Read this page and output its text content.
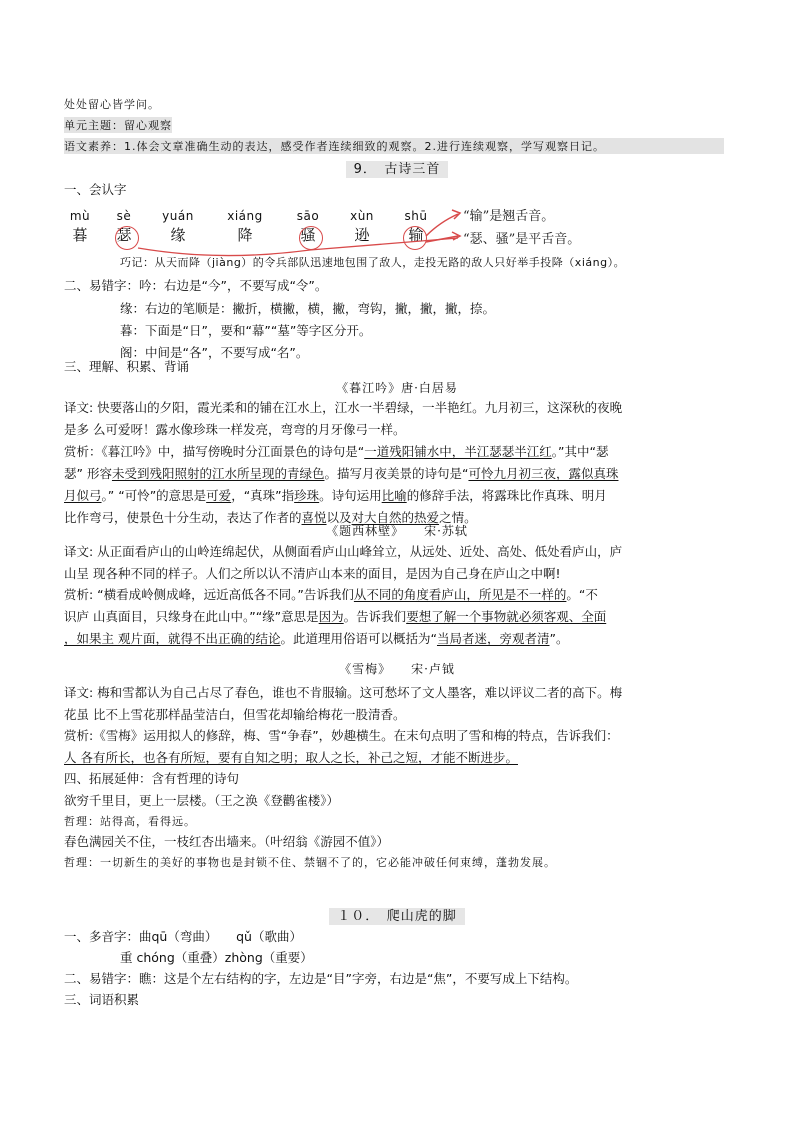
处处留心皆学问。
单元主题：留心观察
语文素养：1.体会文章准确生动的表达，感受作者连续细致的观察。2.进行连续观察，学写观察日记。
9．　古诗三首
一、会认字
mù
暮
sè
瑟
yuán
缘
xiáng
降
sāo
骚
xùn
逊
shū
输
“输”是翘舌音。
“瑟、骚”是平舌音。
巧记：从天而降（jiàng）的令兵部队迅速地包围了敌人，走投无路的敌人只好举手投降（xiáng）。
二、易错字：吟：右边是“今”，不要写成“令”。
缘：右边的笔顺是：撇折，横撇，横，撇，弯钩，撇，撇，撇，捺。
暮：下面是“日”，要和“幕”“墓”等字区分开。
阁：中间是“各”，不要写成“名”。
三、理解、积累、背诵
《暮江吟》唐·白居易
译文: 快要落山的夕阳，霞光柔和的铺在江水上，江水一半碧绿，一半艳红。九月初三，这深秋的夜晚
是多 么可爱呀！露水像珍珠一样发亮，弯弯的月牙像弓一样。
赏析：《暮江吟》中，描写傍晚时分江面景色的诗句是“一道残阳铺水中，半江瑟瑟半江红。”其中“瑟
瑟” 形容未受到残阳照射的江水所呈现的青绿色。描写月夜美景的诗句是“可怜九月初三夜，露似真珠
月似弓。” “可怜”的意思是可爱，“真珠”指珍珠。诗句运用比喻的修辞手法，将露珠比作真珠、明月
比作弯弓，使景色十分生动，表达了作者的喜悦以及对大自然的热爱之情。
《题西林壁》　　宋·苏轼
译文: 从正面看庐山的山岭连绵起伏，从侧面看庐山山峰耸立，从远处、近处、高处、低处看庐山，庐
山呈 现各种不同的样子。人们之所以认不清庐山本来的面目，是因为自己身在庐山之中啊!
赏析: “横看成岭侧成峰，远近高低各不同。”告诉我们从不同的角度看庐山，所见是不一样的。“不
识庐 山真面目，只缘身在此山中。”“缘”意思是因为。告诉我们要想了解一个事物就必须客观、全面
，如果主 观片面，就得不出正确的结论。此道理用俗语可以概括为“当局者迷，旁观者清”。
《雪梅》　　宋·卢钺
译文: 梅和雪都认为自己占尽了春色，谁也不肯服输。这可愁坏了文人墨客，难以评议二者的高下。梅
花虽 比不上雪花那样晶莹洁白，但雪花却输给梅花一股清香。
赏析:《雪梅》运用拟人的修辞，梅、雪“争春”，妙趣横生。在末句点明了雪和梅的特点，告诉我们：
人 各有所长，也各有所短，要有自知之明；取人之长，补己之短，才能不断进步。
四、拓展延伸：含有哲理的诗句
欲穷千里目，更上一层楼。（王之涣《登鹳雀楼》）
哲理：站得高，看得远。
春色满园关不住，一枝红杏出墙来。（叶绍翁《游园不值》）
哲理：一切新生的美好的事物也是封锁不住、禁锢不了的，它必能冲破任何束缚，蓬勃发展。
１０．　爬山虎的脚
一、多音字：曲qū（弯曲）　　qǔ（歌曲）
重 chóng（重叠）zhòng（重要）
二、易错字：瞧：这是个左右结构的字，左边是“目”字旁，右边是“焦”，不要写成上下结构。
三、词语积累
